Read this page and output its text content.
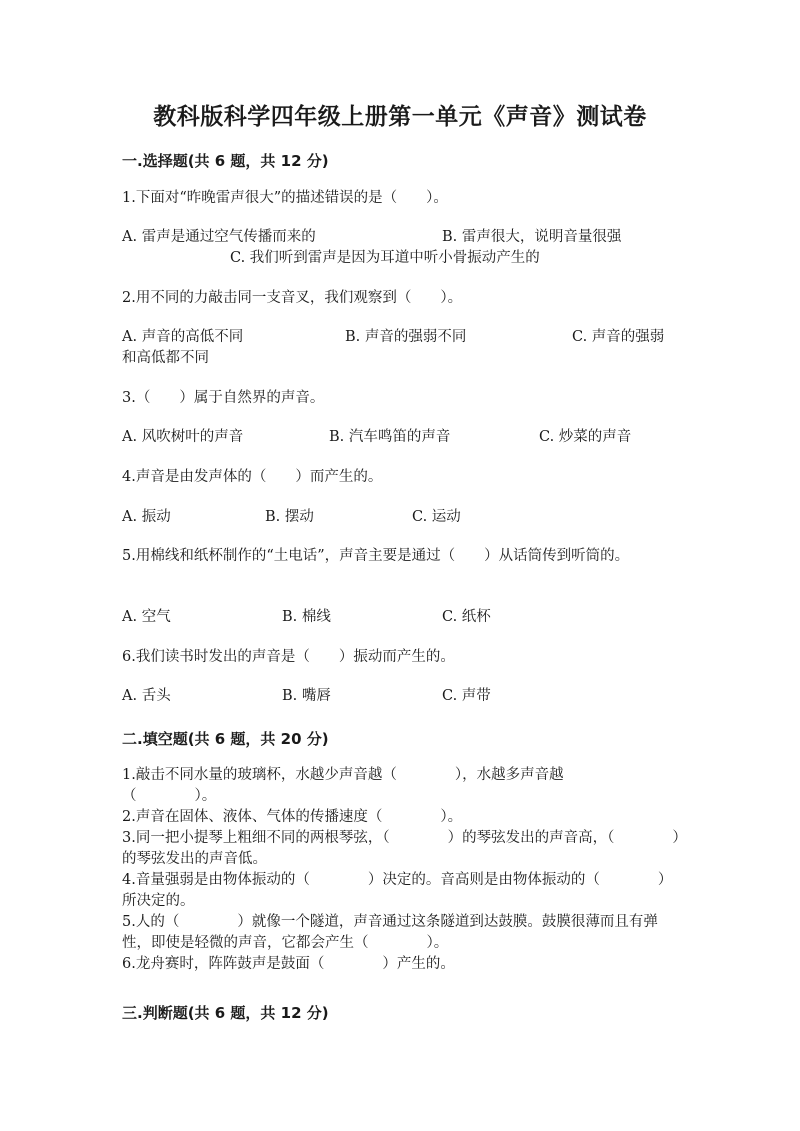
教科版科学四年级上册第一单元《声音》测试卷
一.选择题(共 6 题，共 12 分)
1.下面对“昨晚雷声很大”的描述错误的是（　　）。
A. 雷声是通过空气传播而来的	B. 雷声很大，说明音量很强
C. 我们听到雷声是因为耳道中听小骨振动产生的
2.用不同的力敲击同一支音叉，我们观察到（　　）。
A. 声音的高低不同	B. 声音的强弱不同	C. 声音的强弱
和高低都不同
3.（　　）属于自然界的声音。
A. 风吹树叶的声音	B. 汽车鸣笛的声音	C. 炒菜的声音
4.声音是由发声体的（　　）而产生的。
A. 振动	B. 摆动	C. 运动
5.用棉线和纸杯制作的“土电话”，声音主要是通过（　　）从话筒传到听筒的。
A. 空气	B. 棉线	C. 纸杯
6.我们读书时发出的声音是（　　）振动而产生的。
A. 舌头	B. 嘴唇	C. 声带
二.填空题(共 6 题，共 20 分)
1.敲击不同水量的玻璃杯，水越少声音越（　　　　），水越多声音越（　　　　）。
2.声音在固体、液体、气体的传播速度（　　　　）。
3.同一把小提琴上粗细不同的两根琴弦，（　　　　）的琴弦发出的声音高，（　　　　）的琴弦发出的声音低。
4.音量强弱是由物体振动的（　　　　）决定的。音高则是由物体振动的（　　　　）所决定的。
5.人的（　　　　）就像一个隧道，声音通过这条隧道到达鼓膜。鼓膜很薄而且有弹性，即使是轻微的声音，它都会产生（　　　　）。
6.龙舟赛时，阵阵鼓声是鼓面（　　　　）产生的。
三.判断题(共 6 题，共 12 分)
